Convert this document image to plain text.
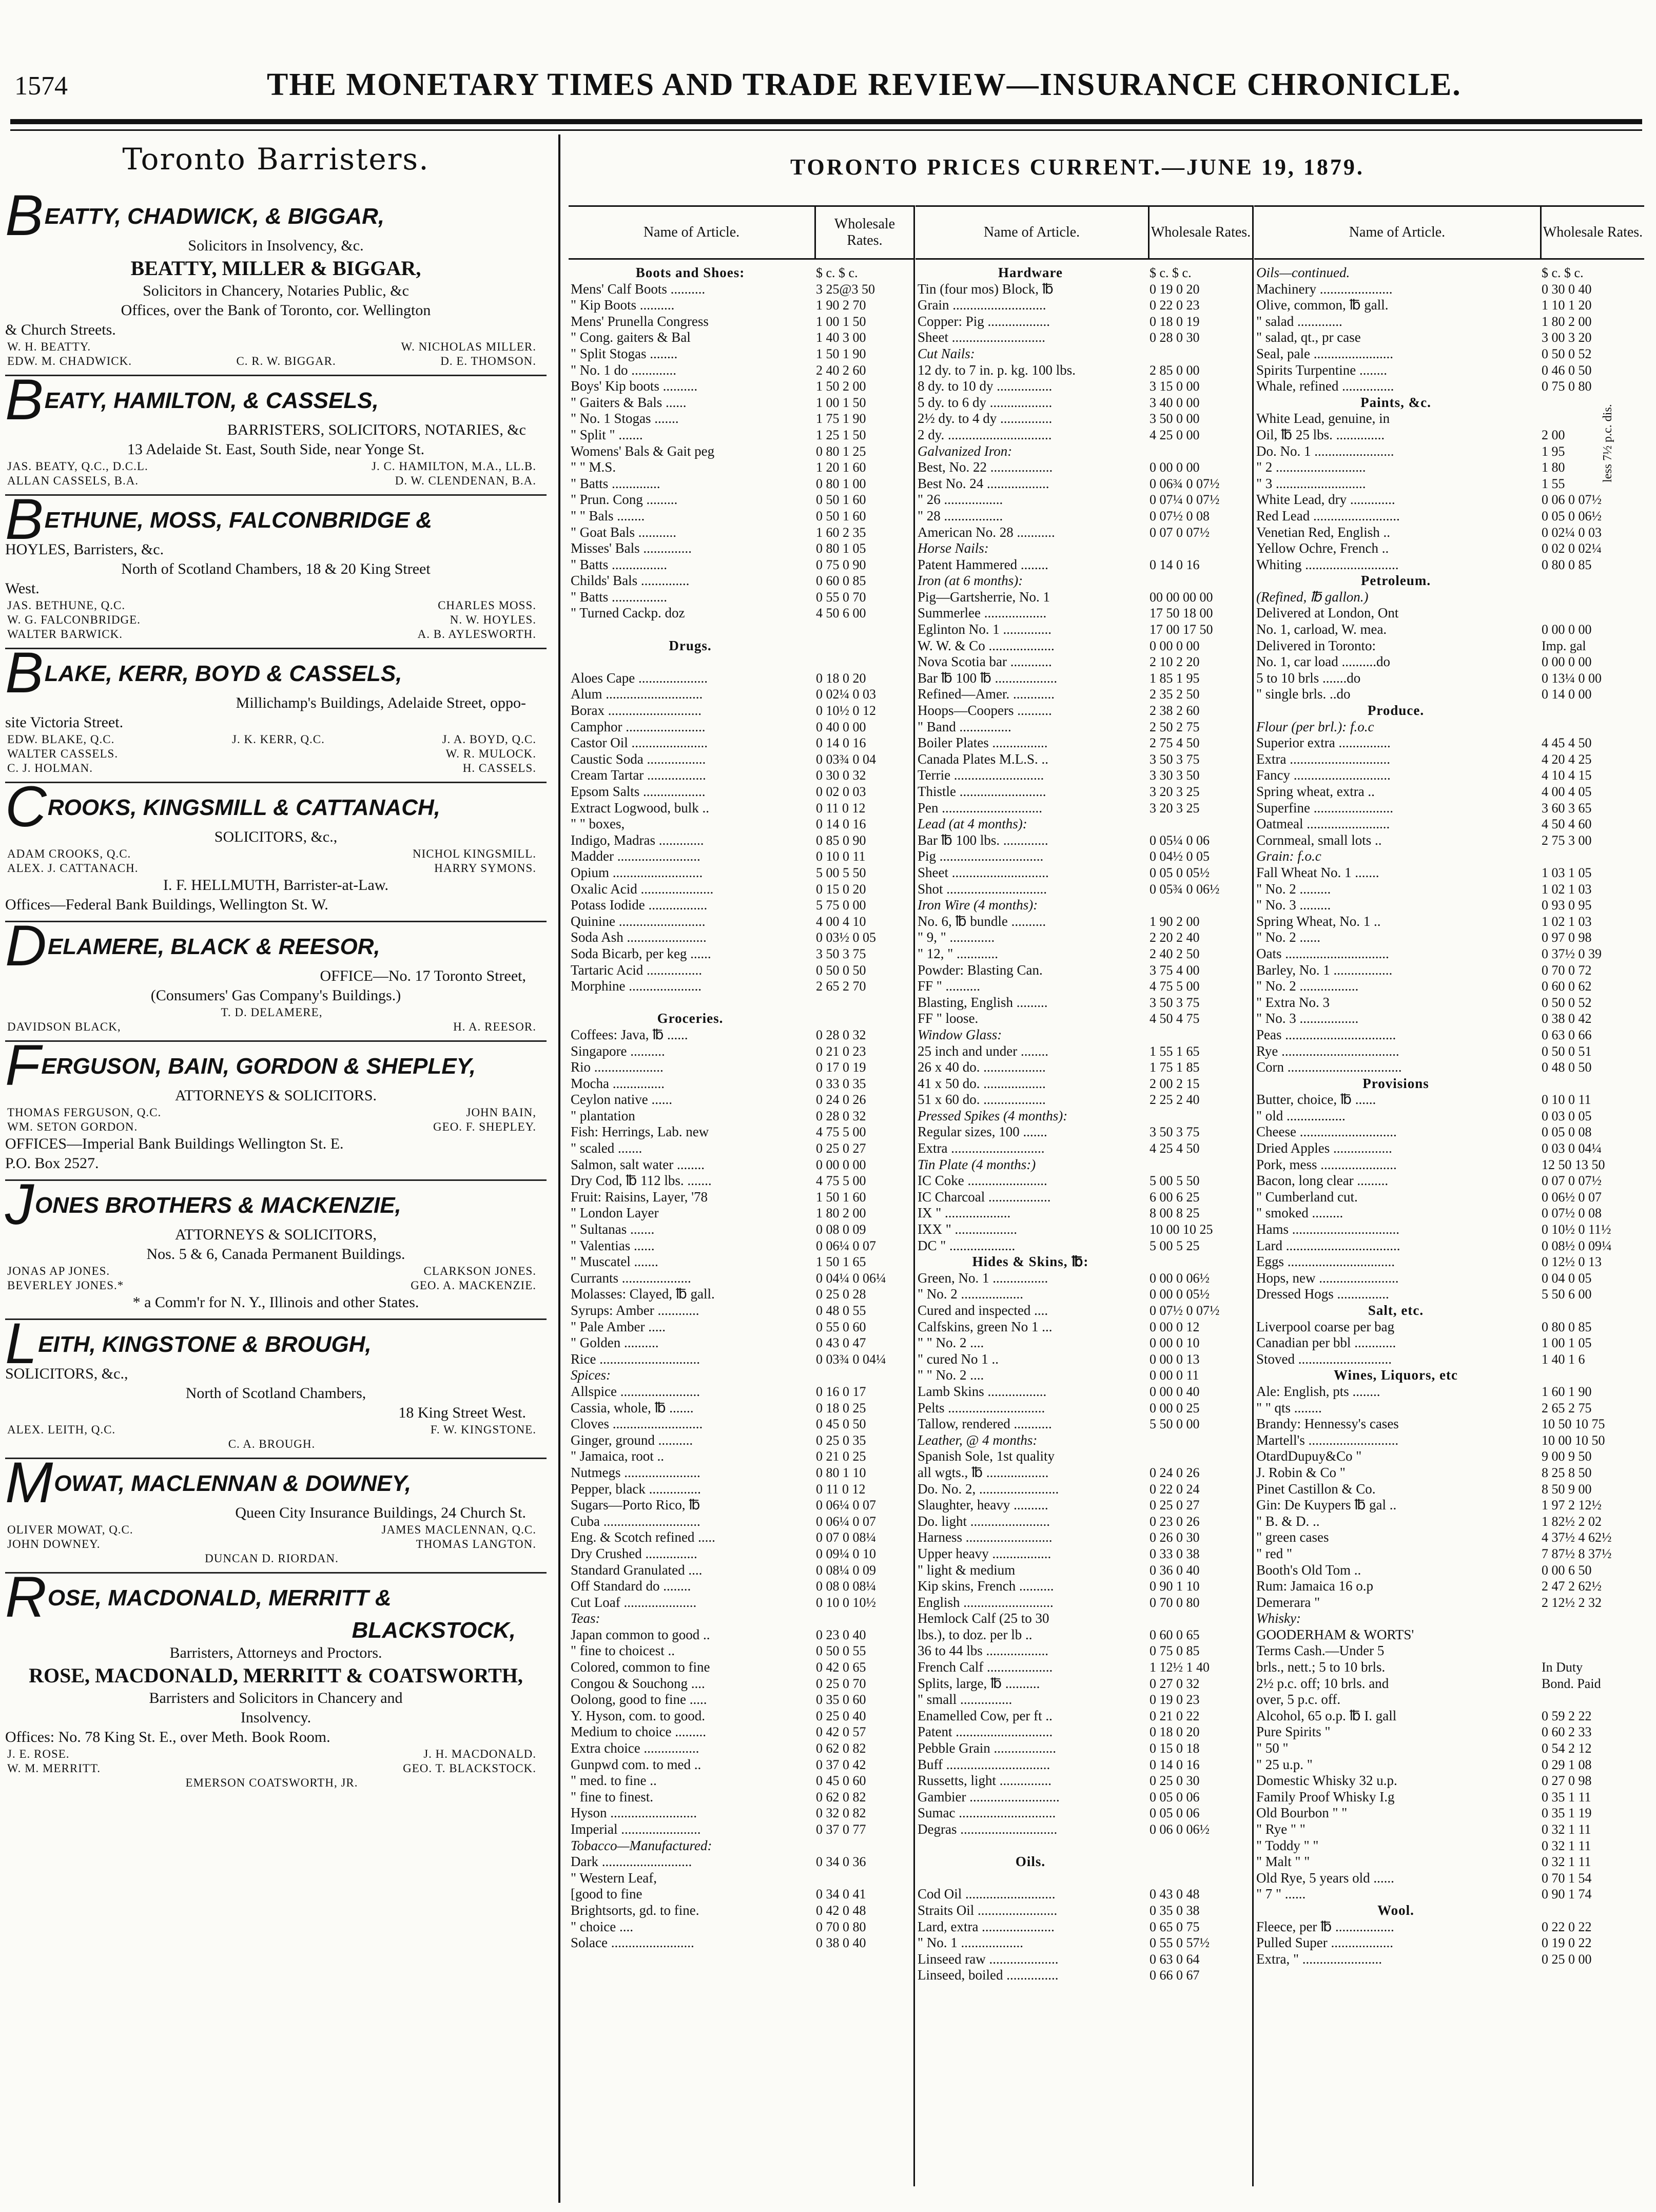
1574	THE MONETARY TIMES AND TRADE REVIEW—INSURANCE CHRONICLE.
Toronto Barristers.
BEATTY, CHADWICK, & BIGGAR,
Solicitors in Insolvency, &c.
BEATTY, MILLER & BIGGAR,
Solicitors in Chancery, Notaries Public, &c
Offices, over the Bank of Toronto, cor. Wellington
& Church Streets.
W. H. BEATTY.	W. NICHOLAS MILLER.
EDW. M. CHADWICK.	C. R. W. BIGGAR.	D. E. THOMSON.
BEATY, HAMILTON, & CASSELS,
BARRISTERS, SOLICITORS, NOTARIES, &c
13 Adelaide St. East, South Side, near Yonge St.
JAS. BEATY, Q.C., D.C.L.	J. C. HAMILTON, M.A., LL.B.
ALLAN CASSELS, B.A.	D. W. CLENDENAN, B.A.
BETHUNE, MOSS, FALCONBRIDGE &
HOYLES, Barristers, &c.
North of Scotland Chambers, 18 & 20 King Street
West.
JAS. BETHUNE, Q.C.	CHARLES MOSS.
W. G. FALCONBRIDGE.	N. W. HOYLES.
WALTER BARWICK.	A. B. AYLESWORTH.
BLAKE, KERR, BOYD & CASSELS,
Millichamp's Buildings, Adelaide Street, oppo-
site Victoria Street.
EDW. BLAKE, Q.C.	J. K. KERR, Q.C.	J. A. BOYD, Q.C.
WALTER CASSELS.	W. R. MULOCK.
C. J. HOLMAN.	H. CASSELS.
CROOKS, KINGSMILL & CATTANACH,
SOLICITORS, &c.,
ADAM CROOKS, Q.C.	NICHOL KINGSMILL.
ALEX. J. CATTANACH.	HARRY SYMONS.
I. F. HELLMUTH, Barrister-at-Law.
Offices—Federal Bank Buildings, Wellington St. W.
DELAMERE, BLACK & REESOR,
OFFICE—No. 17 Toronto Street,
(Consumers' Gas Company's Buildings.)
T. D. DELAMERE,
DAVIDSON BLACK,	H. A. REESOR.
FERGUSON, BAIN, GORDON & SHEPLEY,
ATTORNEYS & SOLICITORS.
THOMAS FERGUSON, Q.C.	JOHN BAIN,
WM. SETON GORDON.	GEO. F. SHEPLEY.
OFFICES—Imperial Bank Buildings Wellington St. E.
P.O. Box 2527.
JONES BROTHERS & MACKENZIE,
ATTORNEYS & SOLICITORS,
Nos. 5 & 6, Canada Permanent Buildings.
JONAS AP JONES.	CLARKSON JONES.
BEVERLEY JONES.*	GEO. A. MACKENZIE.
* a Comm'r for N. Y., Illinois and other States.
LEITH, KINGSTONE & BROUGH,
SOLICITORS, &c.,
North of Scotland Chambers,
18 King Street West.
ALEX. LEITH, Q.C.	F. W. KINGSTONE.
C. A. BROUGH.
MOWAT, MACLENNAN & DOWNEY,
Queen City Insurance Buildings, 24 Church St.
OLIVER MOWAT, Q.C.	JAMES MACLENNAN, Q.C.
JOHN DOWNEY.	THOMAS LANGTON.
DUNCAN D. RIORDAN.
ROSE, MACDONALD, MERRITT &
BLACKSTOCK,
Barristers, Attorneys and Proctors.
ROSE, MACDONALD, MERRITT & COATSWORTH,
Barristers and Solicitors in Chancery and
Insolvency.
Offices: No. 78 King St. E., over Meth. Book Room.
J. E. ROSE.	J. H. MACDONALD.
W. M. MERRITT.	GEO. T. BLACKSTOCK.
EMERSON COATSWORTH, JR.
TORONTO PRICES CURRENT.—JUNE 19, 1879.
Name of Article.
Wholesale Rates.
Boots and Shoes:	$ c. $ c.
Mens' Calf Boots ..........	3 25@3 50
" Kip Boots ..........	1 90 2 70
Mens' Prunella Congress	1 00 1 50
" Cong. gaiters & Bal	1 40 3 00
" Split Stogas ........	1 50 1 90
" No. 1 do .............	2 40 2 60
Boys' Kip boots ..........	1 50 2 00
" Gaiters & Bals ......	1 00 1 50
" No. 1 Stogas .......	1 75 1 90
" Split " .......	1 25 1 50
Womens' Bals & Gait peg	0 80 1 25
" " M.S.	1 20 1 60
" Batts ..............	0 80 1 00
" Prun. Cong .........	0 50 1 60
" " Bals ........	0 50 1 60
" Goat Bals ...........	1 60 2 35
Misses' Bals ..............	0 80 1 05
" Batts ................	0 75 0 90
Childs' Bals ..............	0 60 0 85
" Batts ................	0 55 0 70
" Turned Cackp. doz	4 50 6 00
Drugs.
Aloes Cape ....................	0 18 0 20
Alum ............................	0 02¼ 0 03
Borax ...........................	0 10½ 0 12
Camphor .......................	0 40 0 00
Castor Oil ......................	0 14 0 16
Caustic Soda .................	0 03¾ 0 04
Cream Tartar .................	0 30 0 32
Epsom Salts ..................	0 02 0 03
Extract Logwood, bulk ..	0 11 0 12
" " boxes,	0 14 0 16
Indigo, Madras .............	0 85 0 90
Madder ........................	0 10 0 11
Opium ..........................	5 00 5 50
Oxalic Acid .....................	0 15 0 20
Potass Iodide .................	5 75 0 00
Quinine .........................	4 00 4 10
Soda Ash .......................	0 03½ 0 05
Soda Bicarb, per keg ......	3 50 3 75
Tartaric Acid ................	0 50 0 50
Morphine .....................	2 65 2 70
Groceries.
Coffees: Java, ℔ ......	0 28 0 32
Singapore ..........	0 21 0 23
Rio ....................	0 17 0 19
Mocha ...............	0 33 0 35
Ceylon native ......	0 24 0 26
" plantation	0 28 0 32
Fish: Herrings, Lab. new	4 75 5 00
" scaled .......	0 25 0 27
Salmon, salt water ........	0 00 0 00
Dry Cod, ℔ 112 lbs. .......	4 75 5 00
Fruit: Raisins, Layer, '78	1 50 1 60
" London Layer	1 80 2 00
" Sultanas .......	0 08 0 09
" Valentias ......	0 06¼ 0 07
" Muscatel .......	1 50 1 65
Currants ....................	0 04¼ 0 06¼
Molasses: Clayed, ℔ gall.	0 25 0 28
Syrups: Amber ............	0 48 0 55
" Pale Amber .....	0 55 0 60
" Golden ..........	0 43 0 47
Rice .............................	0 03¾ 0 04¼
Spices:
Allspice .......................	0 16 0 17
Cassia, whole, ℔ .......	0 18 0 25
Cloves ..........................	0 45 0 50
Ginger, ground ..........	0 25 0 35
" Jamaica, root ..	0 21 0 25
Nutmegs ......................	0 80 1 10
Pepper, black ...............	0 11 0 12
Sugars—Porto Rico, ℔	0 06¼ 0 07
Cuba ............................	0 06¼ 0 07
Eng. & Scotch refined .....	0 07 0 08¼
Dry Crushed ...............	0 09¼ 0 10
Standard Granulated ....	0 08¼ 0 09
Off Standard do ........	0 08 0 08¼
Cut Loaf .....................	0 10 0 10½
Teas:
Japan common to good ..	0 23 0 40
" fine to choicest ..	0 50 0 55
Colored, common to fine	0 42 0 65
Congou & Souchong ....	0 25 0 70
Oolong, good to fine .....	0 35 0 60
Y. Hyson, com. to good.	0 25 0 40
Medium to choice .........	0 42 0 57
Extra choice ................	0 62 0 82
Gunpwd com. to med ..	0 37 0 42
" med. to fine ..	0 45 0 60
" fine to finest.	0 62 0 82
Hyson .........................	0 32 0 82
Imperial .......................	0 37 0 77
Tobacco—Manufactured:
Dark ..........................	0 34 0 36
" Western Leaf,
[good to fine	0 34 0 41
Brightsorts, gd. to fine.	0 42 0 48
" choice ....	0 70 0 80
Solace ........................	0 38 0 40
Name of Article.	Wholesale Rates.
Hardware	$ c. $ c.
Tin (four mos) Block, ℔	0 19 0 20
Grain ...........................	0 22 0 23
Copper: Pig ..................	0 18 0 19
Sheet ...........................	0 28 0 30
Cut Nails:
12 dy. to 7 in. p. kg. 100 lbs.	2 85 0 00
8 dy. to 10 dy ................	3 15 0 00
5 dy. to 6 dy ..................	3 40 0 00
2½ dy. to 4 dy ...............	3 50 0 00
2 dy. ..............................	4 25 0 00
Galvanized Iron:
Best, No. 22 ..................	0 00 0 00
Best No. 24 ..................	0 06¾ 0 07½
" 26 .................	0 07¼ 0 07½
" 28 .................	0 07½ 0 08
American No. 28 ...........	0 07 0 07½
Horse Nails:
Patent Hammered ........	0 14 0 16
Iron (at 6 months):
Pig—Gartsherrie, No. 1	00 00 00 00
Summerlee ..................	17 50 18 00
Eglinton No. 1 ..............	17 00 17 50
W. W. & Co ...................	0 00 0 00
Nova Scotia bar ............	2 10 2 20
Bar ℔ 100 ℔ ..................	1 85 1 95
Refined—Amer. ............	2 35 2 50
Hoops—Coopers ..........	2 38 2 60
" Band ...............	2 50 2 75
Boiler Plates ................	2 75 4 50
Canada Plates M.L.S. ..	3 50 3 75
Terrie ..........................	3 30 3 50
Thistle .........................	3 20 3 25
Pen .............................	3 20 3 25
Lead (at 4 months):
Bar ℔ 100 lbs. .............	0 05¼ 0 06
Pig ..............................	0 04½ 0 05
Sheet ............................	0 05 0 05½
Shot .............................	0 05¾ 0 06½
Iron Wire (4 months):
No. 6, ℔ bundle ..........	1 90 2 00
" 9, " .............	2 20 2 40
" 12, " ............	2 40 2 50
Powder: Blasting Can.	3 75 4 00
FF " ..........	4 75 5 00
Blasting, English .........	3 50 3 75
FF " loose.	4 50 4 75
Window Glass:
25 inch and under ........	1 55 1 65
26 x 40 do. ..................	1 75 1 85
41 x 50 do. ..................	2 00 2 15
51 x 60 do. ..................	2 25 2 40
Pressed Spikes (4 months):
Regular sizes, 100 .......	3 50 3 75
Extra ...........................	4 25 4 50
Tin Plate (4 months:)
IC Coke .......................	5 00 5 50
IC Charcoal ..................	6 00 6 25
IX " ...................	8 00 8 25
IXX " ..................	10 00 10 25
DC " ...................	5 00 5 25
Hides & Skins, ℔:
Green, No. 1 ................	0 00 0 06½
" No. 2 ..................	0 00 0 05½
Cured and inspected ....	0 07½ 0 07½
Calfskins, green No 1 ...	0 00 0 12
" " No. 2 ....	0 00 0 10
" cured No 1 ..	0 00 0 13
" " No. 2 ....	0 00 0 11
Lamb Skins .................	0 00 0 40
Pelts ............................	0 00 0 25
Tallow, rendered ...........	5 50 0 00
Leather, @ 4 months:
Spanish Sole, 1st quality
all wgts., ℔ ..................	0 24 0 26
Do. No. 2, .......................	0 22 0 24
Slaughter, heavy ..........	0 25 0 27
Do. light .......................	0 23 0 26
Harness .........................	0 26 0 30
Upper heavy .................	0 33 0 38
" light & medium	0 36 0 40
Kip skins, French ..........	0 90 1 10
English ..........................	0 70 0 80
Hemlock Calf (25 to 30
lbs.), to doz. per lb ..	0 60 0 65
36 to 44 lbs ..................	0 75 0 85
French Calf ...................	1 12½ 1 40
Splits, large, ℔ ..........	0 27 0 32
" small ...............	0 19 0 23
Enamelled Cow, per ft ..	0 21 0 22
Patent ............................	0 18 0 20
Pebble Grain ..................	0 15 0 18
Buff ..............................	0 14 0 16
Russetts, light ...............	0 25 0 30
Gambier ..........................	0 05 0 06
Sumac ............................	0 05 0 06
Degras ............................	0 06 0 06½
Oils.
Cod Oil ..........................	0 43 0 48
Straits Oil .......................	0 35 0 38
Lard, extra .....................	0 65 0 75
" No. 1 ..................	0 55 0 57½
Linseed raw ....................	0 63 0 64
Linseed, boiled ...............	0 66 0 67
Name of Article.	Wholesale Rates.
Oils—continued.	$ c. $ c.
Machinery .....................	0 30 0 40
Olive, common, ℔ gall.	1 10 1 20
" salad .............	1 80 2 00
" salad, qt., pr case	3 00 3 20
Seal, pale .......................	0 50 0 52
Spirits Turpentine ........	0 46 0 50
Whale, refined ...............	0 75 0 80
Paints, &c.
White Lead, genuine, in
Oil, ℔ 25 lbs. ..............	2 00
Do. No. 1 .......................	1 95
" 2 ..........................	1 80
" 3 ..........................	1 55
White Lead, dry .............	0 06 0 07½
Red Lead .........................	0 05 0 06½
Venetian Red, English ..	0 02¼ 0 03
Yellow Ochre, French ..	0 02 0 02¼
Whiting ...........................	0 80 0 85
Petroleum.
(Refined, ℔ gallon.)
Delivered at London, Ont
No. 1, carload, W. mea.	0 00 0 00
Delivered in Toronto:	Imp. gal
No. 1, car load ..........do	0 00 0 00
5 to 10 brls .......do	0 13¼ 0 00
" single brls. ..do	0 14 0 00
Produce.
Flour (per brl.): f.o.c
Superior extra ...............	4 45 4 50
Extra .............................	4 20 4 25
Fancy ............................	4 10 4 15
Spring wheat, extra ..	4 00 4 05
Superfine .......................	3 60 3 65
Oatmeal ........................	4 50 4 60
Cornmeal, small lots ..	2 75 3 00
Grain: f.o.c
Fall Wheat No. 1 .......	1 03 1 05
" No. 2 .........	1 02 1 03
" No. 3 .........	0 93 0 95
Spring Wheat, No. 1 ..	1 02 1 03
" No. 2 ......	0 97 0 98
Oats ..............................	0 37½ 0 39
Barley, No. 1 .................	0 70 0 72
" No. 2 .................	0 60 0 62
" Extra No. 3	0 50 0 52
" No. 3 .................	0 38 0 42
Peas ................................	0 63 0 66
Rye ..................................	0 50 0 51
Corn .................................	0 48 0 50
Provisions
Butter, choice, ℔ ......	0 10 0 11
" old .................	0 03 0 05
Cheese ............................	0 05 0 08
Dried Apples .................	0 03 0 04¼
Pork, mess ......................	12 50 13 50
Bacon, long clear .........	0 07 0 07½
" Cumberland cut.	0 06½ 0 07
" smoked .........	0 07½ 0 08
Hams ...............................	0 10½ 0 11½
Lard .................................	0 08½ 0 09¼
Eggs ...............................	0 12½ 0 13
Hops, new .......................	0 04 0 05
Dressed Hogs ...............	5 50 6 00
Salt, etc.
Liverpool coarse per bag	0 80 0 85
Canadian per bbl ............	1 00 1 05
Stoved ...........................	1 40 1 6
Wines, Liquors, etc
Ale: English, pts ........	1 60 1 90
" " qts ........	2 65 2 75
Brandy: Hennessy's cases	10 50 10 75
Martell's ..........................	10 00 10 50
OtardDupuy&Co "	9 00 9 50
J. Robin & Co "	8 25 8 50
Pinet Castillon & Co.	8 50 9 00
Gin: De Kuypers ℔ gal ..	1 97 2 12½
" B. & D. ..	1 82½ 2 02
" green cases	4 37½ 4 62½
" red "	7 87½ 8 37½
Booth's Old Tom ..	0 00 6 50
Rum: Jamaica 16 o.p	2 47 2 62½
Demerara "	2 12½ 2 32
Whisky:
GOODERHAM & WORTS'
Terms Cash.—Under 5
brls., nett.; 5 to 10 brls.	In Duty
2½ p.c. off; 10 brls. and	Bond. Paid
over, 5 p.c. off.
Alcohol, 65 o.p. ℔ I. gall	0 59 2 22
Pure Spirits "	0 60 2 33
" 50 "	0 54 2 12
" 25 u.p. "	0 29 1 08
Domestic Whisky 32 u.p.	0 27 0 98
Family Proof Whisky I.g	0 35 1 11
Old Bourbon " "	0 35 1 19
" Rye " "	0 32 1 11
" Toddy " "	0 32 1 11
" Malt " "	0 32 1 11
Old Rye, 5 years old ......	0 70 1 54
" 7 " ......	0 90 1 74
Wool.
Fleece, per ℔ .................	0 22 0 22
Pulled Super ..................	0 19 0 22
Extra, " .......................	0 25 0 00
less 7½ p.c. dis.
